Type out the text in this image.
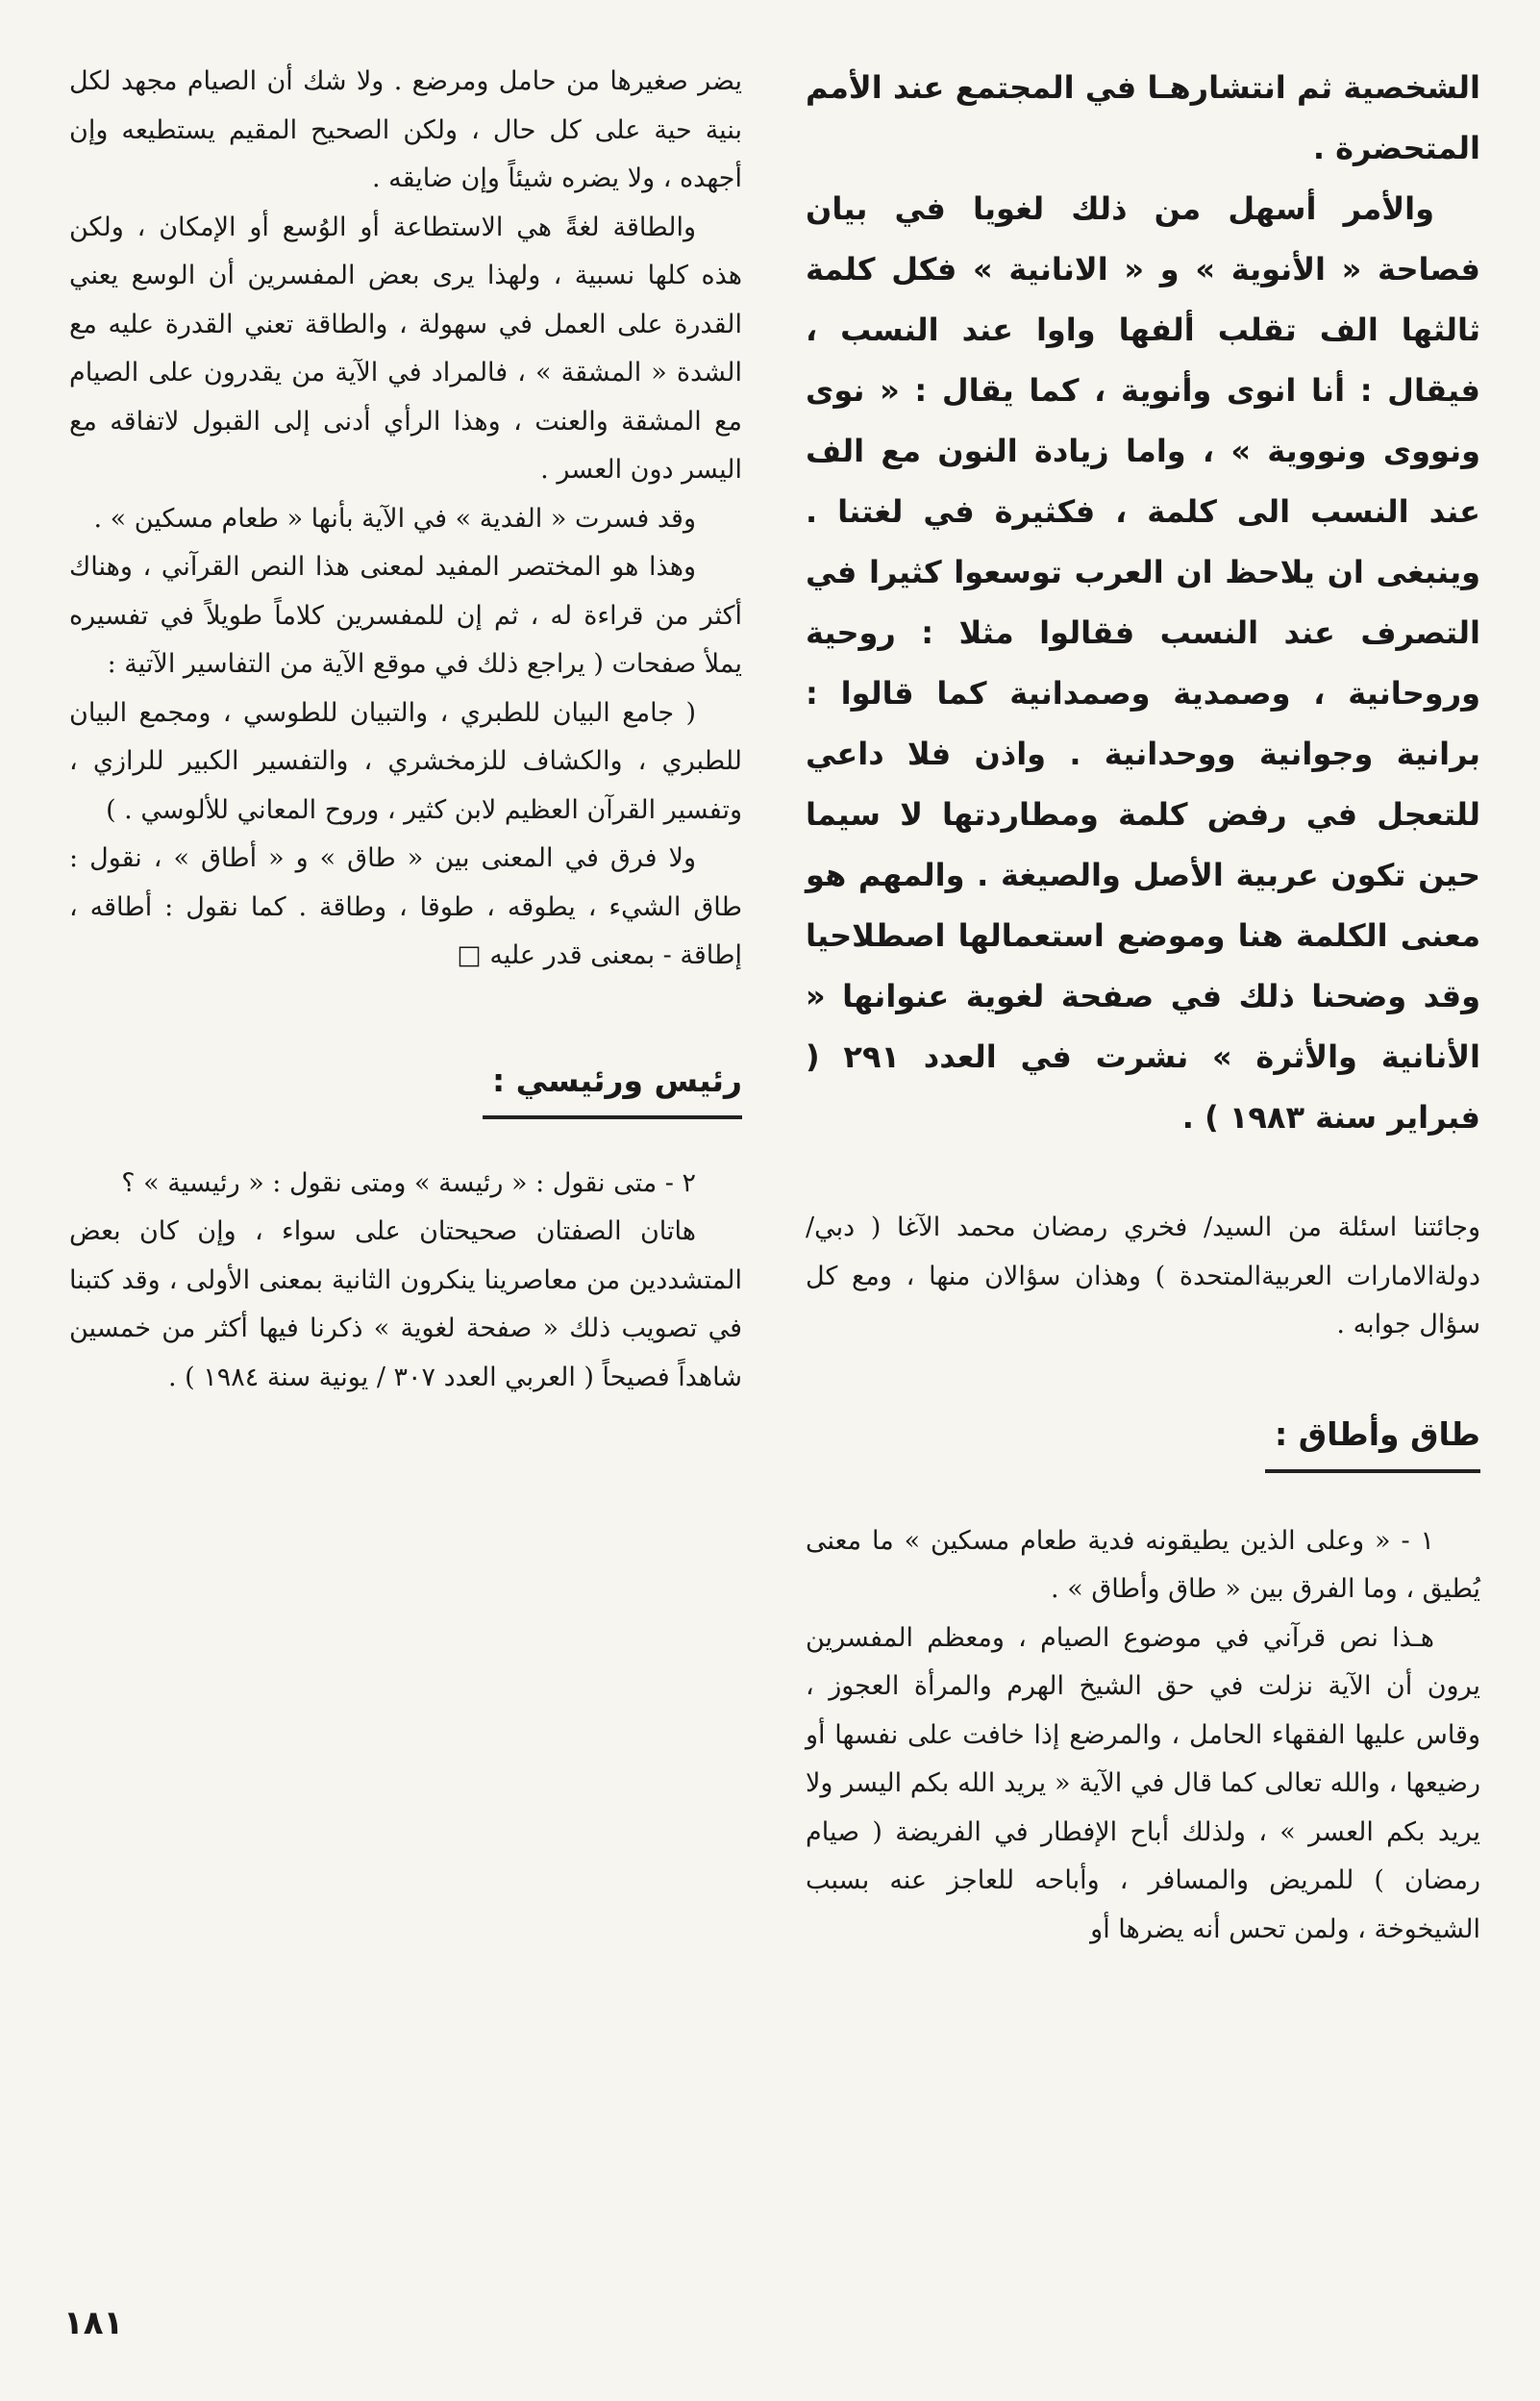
الشخصية ثم انتشارهـا في المجتمع عند الأمم المتحضرة .

والأمر أسهل من ذلك لغويا في بيان فصاحة « الأنوية » و « الانانية » فكل كلمة ثالثها الف تقلب ألفها واوا عند النسب ، فيقال : أنا انوى وأنوية ، كما يقال : « نوى ونووى ونووية » ، واما زيادة النون مع الف عند النسب الى كلمة ، فكثيرة في لغتنا . وينبغى ان يلاحظ ان العرب توسعوا كثيرا في التصرف عند النسب فقالوا مثلا : روحية وروحانية ، وصمدية وصمدانية كما قالوا : برانية وجوانية ووحدانية . واذن فلا داعي للتعجل في رفض كلمة ومطاردتها لا سيما حين تكون عربية الأصل والصيغة . والمهم هو معنى الكلمة هنا وموضع استعمالها اصطلاحيا وقد وضحنا ذلك في صفحة لغوية عنوانها « الأنانية والأثرة » نشرت في العدد ٢٩١ ( فبراير سنة ١٩٨٣ ) .

وجائتنا اسئلة من السيد/ فخري رمضان محمد الآغا ( دبي/ دولةالامارات العربيةالمتحدة ) وهذان سؤالان منها ، ومع كل سؤال جوابه .

طاق وأطاق :

١ - « وعلى الذين يطيقونه فدية طعام مسكين » ما معنى يُطيق ، وما الفرق بين « طاق وأطاق » .

هـذا نص قرآني في موضوع الصيام ، ومعظم المفسرين يرون أن الآية نزلت في حق الشيخ الهرم والمرأة العجوز ، وقاس عليها الفقهاء الحامل ، والمرضع إذا خافت على نفسها أو رضيعها ، والله تعالى كما قال في الآية « يريد الله بكم اليسر ولا يريد بكم العسر » ، ولذلك أباح الإفطار في الفريضة ( صيام رمضان ) للمريض والمسافر ، وأباحه للعاجز عنه بسبب الشيخوخة ، ولمن تحس أنه يضرها أو

يضر صغيرها من حامل ومرضع . ولا شك أن الصيام مجهد لكل بنية حية على كل حال ، ولكن الصحيح المقيم يستطيعه وإن أجهده ، ولا يضره شيئاً وإن ضايقه .

والطاقة لغةً هي الاستطاعة أو الوُسع أو الإمكان ، ولكن هذه كلها نسبية ، ولهذا يرى بعض المفسرين أن الوسع يعني القدرة على العمل في سهولة ، والطاقة تعني القدرة عليه مع الشدة « المشقة » ، فالمراد في الآية من يقدرون على الصيام مع المشقة والعنت ، وهذا الرأي أدنى إلى القبول لاتفاقه مع اليسر دون العسر .

وقد فسرت « الفدية » في الآية بأنها « طعام مسكين » .

وهذا هو المختصر المفيد لمعنى هذا النص القرآني ، وهناك أكثر من قراءة له ، ثم إن للمفسرين كلاماً طويلاً في تفسيره يملأ صفحات ( يراجع ذلك في موقع الآية من التفاسير الآتية :

( جامع البيان للطبري ، والتبيان للطوسي ، ومجمع البيان للطبري ، والكشاف للزمخشري ، والتفسير الكبير للرازي ، وتفسير القرآن العظيم لابن كثير ، وروح المعاني للألوسي . )

ولا فرق في المعنى بين « طاق » و « أطاق » ، نقول : طاق الشيء ، يطوقه ، طوقا ، وطاقة . كما نقول : أطاقه ، إطاقة - بمعنى قدر عليه □

رئيس ورئيسي :

٢ - متى نقول : « رئيسة » ومتى نقول : « رئيسية » ؟

هاتان الصفتان صحيحتان على سواء ، وإن كان بعض المتشددين من معاصرينا ينكرون الثانية بمعنى الأولى ، وقد كتبنا في تصويب ذلك « صفحة لغوية » ذكرنا فيها أكثر من خمسين شاهداً فصيحاً ( العربي العدد ٣٠٧ / يونية سنة ١٩٨٤ ) .

١٨١
